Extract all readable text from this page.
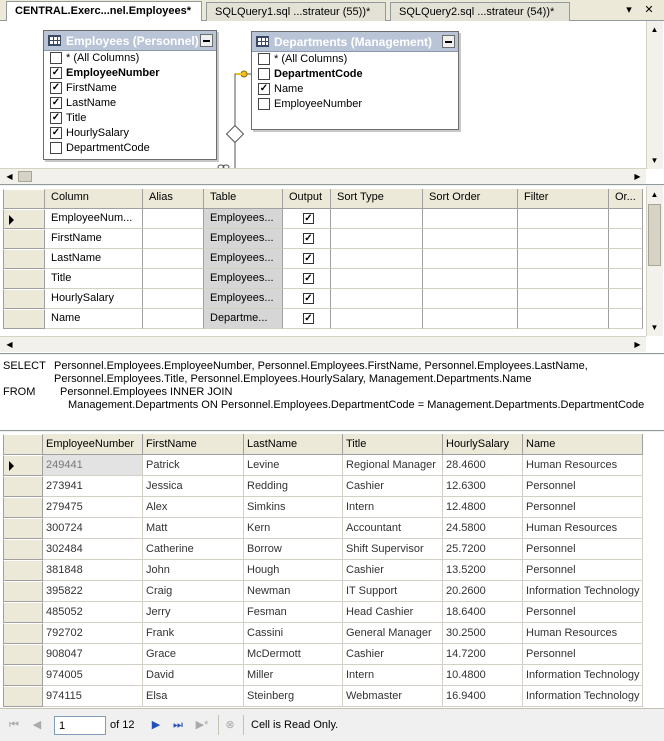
CENTRAL.Exerc...nel.Employees*	SQLQuery1.sql ...strateur (55))*	SQLQuery2.sql ...strateur (54))*	▾	✕
Employees (Personnel)
* (All Columns)
✓ EmployeeNumber
✓ FirstName
✓ LastName
✓ Title
✓ HourlySalary
DepartmentCode
Departments (Management)
* (All Columns)
DepartmentCode
✓ Name
EmployeeNumber
▲
▼
◀	▶
Column	Alias	Table	Output	Sort Type	Sort Order	Filter	Or...
EmployeeNum...	Employees...	✓
FirstName	Employees...	✓
LastName	Employees...	✓
Title	Employees...	✓
HourlySalary	Employees...	✓
Name	Departme...	✓
▲
▼
◀	▶
SELECT Personnel.Employees.EmployeeNumber, Personnel.Employees.FirstName, Personnel.Employees.LastName,
Personnel.Employees.Title, Personnel.Employees.HourlySalary, Management.Departments.Name
FROM Personnel.Employees INNER JOIN
Management.Departments ON Personnel.Employees.DepartmentCode = Management.Departments.DepartmentCode
EmployeeNumber	FirstName	LastName	Title	HourlySalary	Name
249441	Patrick	Levine	Regional Manager 28.4600	Human Resources
273941	Jessica	Redding	Cashier	12.6300	Personnel
279475	Alex	Simkins	Intern	12.4800	Personnel
300724	Matt	Kern	Accountant	24.5800	Human Resources
302484	Catherine	Borrow	Shift Supervisor	25.7200	Personnel
381848	John	Hough	Cashier	13.5200	Personnel
395822	Craig	Newman	IT Support	20.2600	Information Technology
485052	Jerry	Fesman	Head Cashier	18.6400	Personnel
792702	Frank	Cassini	General Manager	30.2500	Human Resources
908047	Grace	McDermott	Cashier	14.7200	Personnel
974005	David	Miller	Intern	10.4800	Information Technology
974115	Elsa	Steinberg	Webmaster	16.9400	Information Technology
⏮ ◀
1	of 12 ▶ ⏭ ▶* ⊗ Cell is Read Only.
